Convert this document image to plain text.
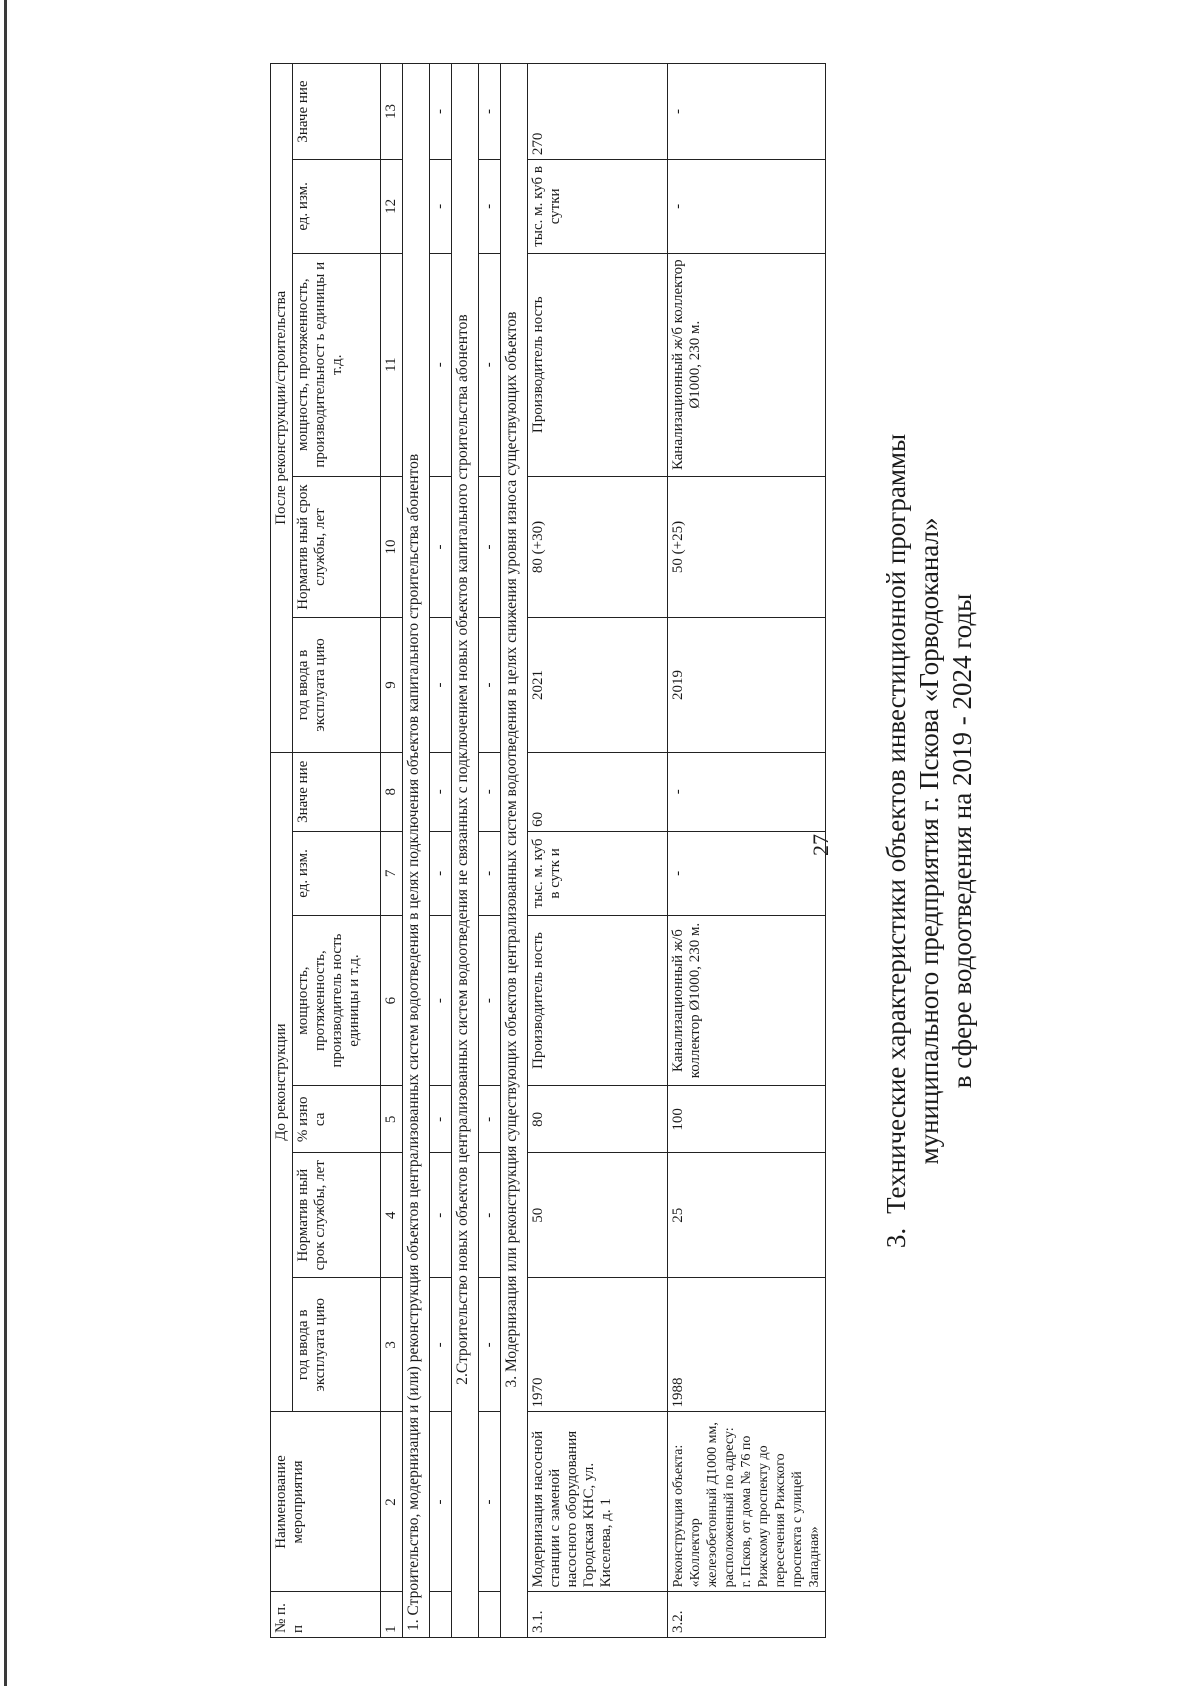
27
3.Технические характеристики объектов инвестиционной программы муниципального предприятия г. Пскова «Горводоканал» в сфере водоотведения на 2019 - 2024 годы
№ п. п	Наименование мероприятия	До реконструкции						После реконструкции/строительства				
		год ввода в эксплуата цию	Норматив ный срок службы, лет	% изно са	мощность, протяженность, производитель ность единицы и т.д.	ед. изм.	Значе ние	год ввода в эксплуата цию	Норматив ный срок службы, лет	мощность, протяженность, производительност ь единицы и т.д.	ед. изм.	Значе ние
1	2	3	4	5	6	7	8	9	10	11	12	13
1. Строительство, модернизация и (или) реконструкция объектов централизованных систем водоотведения в целях подключения объектов капитального строительства абонентов												
	-	-	-	-	-	-	-	-	-	-	-	-
2.Строительство новых объектов централизованных систем водоотведения не связанных с подключением новых объектов капитального строительства абонентов												
	-	-	-	-	-	-	-	-	-	-	-	-
3. Модернизация или реконструкция существующих объектов централизованных систем водоотведения в целях снижения уровня износа существующих объектов												
3.1.	Модернизация насосной станции с заменой насосного оборудования Городская КНС, ул. Киселева, д. 1	1970	50	80	Производитель ность	тыс. м. куб в сутк и	60	2021	80 (+30)	Производитель ность	тыс. м. куб в сутки	270
3.2.	Реконструкция объекта: «Коллектор железобетонный Д1000 мм, расположенный по адресу: г. Псков, от дома № 76 по Рижскому проспекту до пересечения Рижского проспекта с улицей Западная»	1988	25	100	Канализационный ж/б коллектор Ø1000, 230 м.	-	-	2019	50 (+25)	Канализационный ж/б коллектор Ø1000, 230 м.	-	-
